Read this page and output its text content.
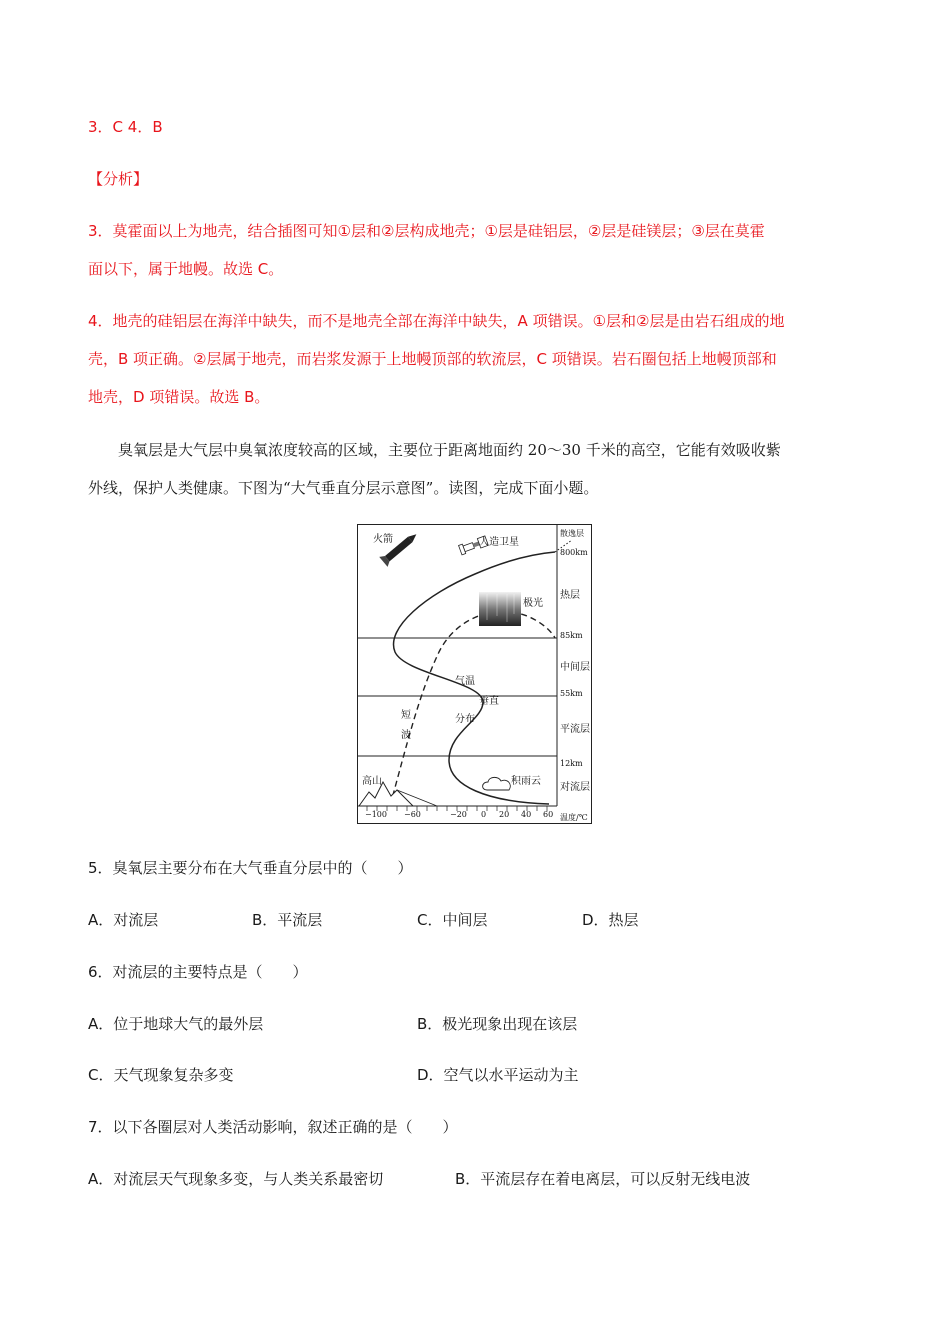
3．C 4．B
【分析】
3．莫霍面以上为地壳，结合插图可知①层和②层构成地壳；①层是硅铝层，②层是硅镁层；③层在莫霍
面以下，属于地幔。故选 C。
4．地壳的硅铝层在海洋中缺失，而不是地壳全部在海洋中缺失，A 项错误。①层和②层是由岩石组成的地
壳，B 项正确。②层属于地壳，而岩浆发源于上地幔顶部的软流层，C 项错误。岩石圈包括上地幔顶部和
地壳，D 项错误。故选 B。
臭氧层是大气层中臭氧浓度较高的区域，主要位于距离地面约 20～30 千米的高空，它能有效吸收紫
外线，保护人类健康。下图为“大气垂直分层示意图”。读图，完成下面小题。
火箭	人造卫星
极光
气温
垂直
分布
短
波
高山	积雨云
散逸层
800km
热层
85km
中间层
55km
平流层
12km
对流层
−100 −60	−20 0 20 40 60 温度/℃
5．臭氧层主要分布在大气垂直分层中的（　　）
A．对流层	B．平流层	C．中间层	D．热层
6．对流层的主要特点是（　　）
A．位于地球大气的最外层	B．极光现象出现在该层
C．天气现象复杂多变	D．空气以水平运动为主
7．以下各圈层对人类活动影响，叙述正确的是（　　）
A．对流层天气现象多变，与人类关系最密切	B．平流层存在着电离层，可以反射无线电波
